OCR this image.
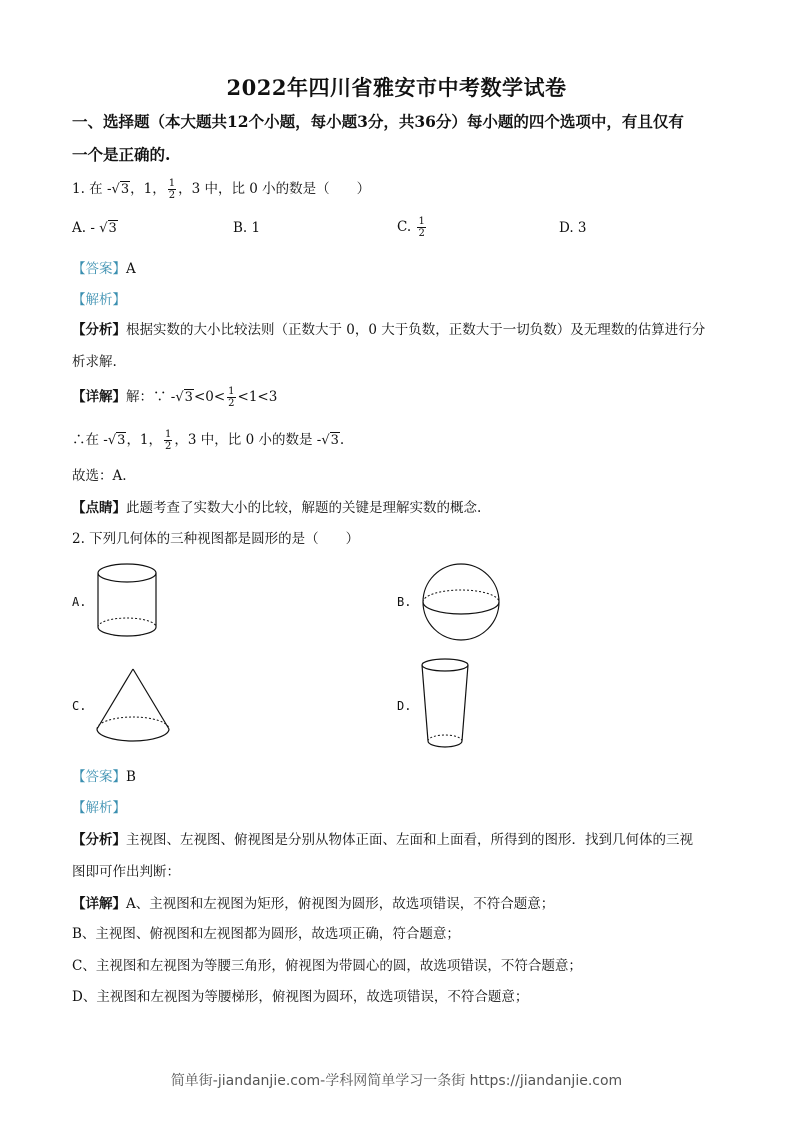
2022年四川省雅安市中考数学试卷
一、选择题（本大题共12个小题，每小题3分，共36分）每小题的四个选项中，有且仅有
一个是正确的.
1. 在 -√3，1， $\frac{1}{2}$ ，3 中，比 0 小的数是（　　）
A. - √3	B. 1	C. $\frac{1}{2}$	D. 3
【答案】A
【解析】
【分析】根据实数的大小比较法则（正数大于 0，0 大于负数，正数大于一切负数）及无理数的估算进行分
析求解.
【详解】解：∵ $-√3<0< \frac{1}{2} <1<3$
∴在 -√3，1， $\frac{1}{2}$ ，3 中，比 0 小的数是 -√3.
故选：A.
【点睛】此题考查了实数大小的比较，解题的关键是理解实数的概念.
2. 下列几何体的三种视图都是圆形的是（　　）
A.	B.
C.	D.
【答案】B
【解析】
【分析】主视图、左视图、俯视图是分别从物体正面、左面和上面看，所得到的图形．找到几何体的三视
图即可作出判断：
【详解】A、主视图和左视图为矩形，俯视图为圆形，故选项错误，不符合题意；
B、主视图、俯视图和左视图都为圆形，故选项正确，符合题意；
C、主视图和左视图为等腰三角形，俯视图为带圆心的圆，故选项错误，不符合题意；
D、主视图和左视图为等腰梯形，俯视图为圆环，故选项错误，不符合题意；
简单街-jiandanjie.com-学科网简单学习一条街 https://jiandanjie.com
